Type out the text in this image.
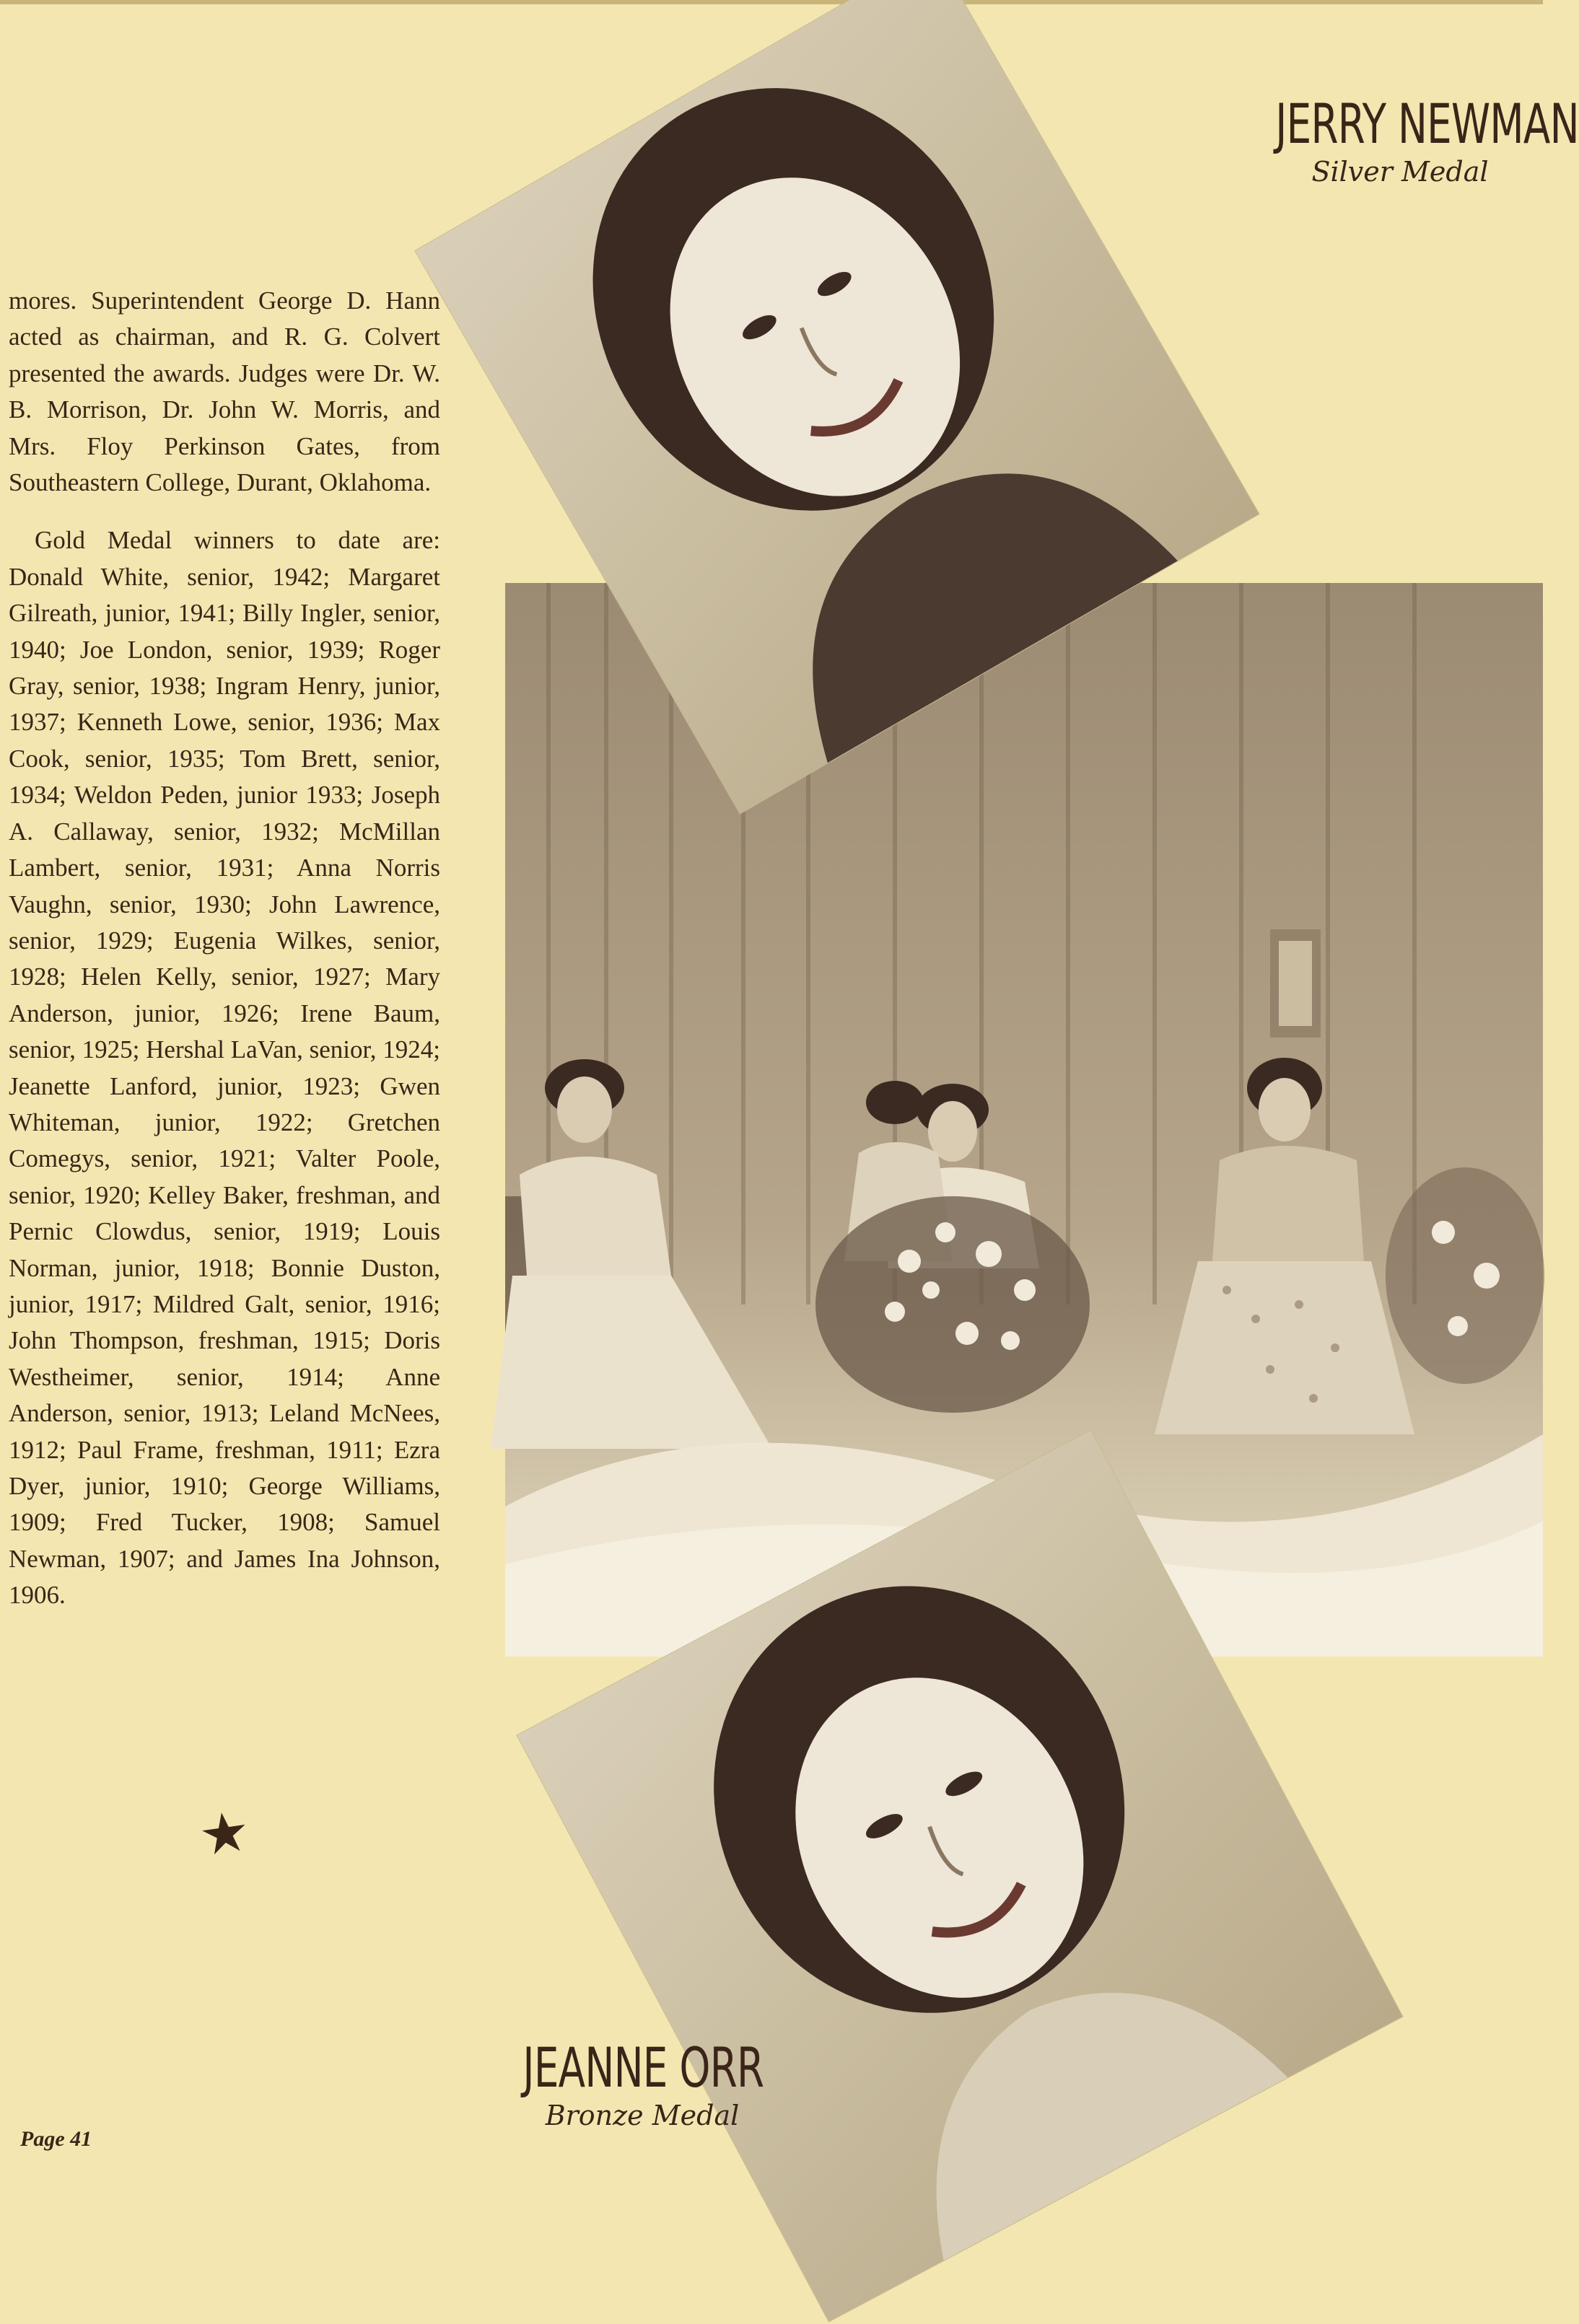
mores. Superintendent George D. Hann acted as chairman, and R. G. Colvert presented the awards. Judges were Dr. W. B. Morrison, Dr. John W. Morris, and Mrs. Floy Perkinson Gates, from Southeastern College, Durant, Oklahoma.

Gold Medal winners to date are: Donald White, senior, 1942; Margaret Gilreath, junior, 1941; Billy Ingler, senior, 1940; Joe London, senior, 1939; Roger Gray, senior, 1938; Ingram Henry, junior, 1937; Kenneth Lowe, senior, 1936; Max Cook, senior, 1935; Tom Brett, senior, 1934; Weldon Peden, junior 1933; Joseph A. Callaway, senior, 1932; McMillan Lambert, senior, 1931; Anna Norris Vaughn, senior, 1930; John Lawrence, senior, 1929; Eugenia Wilkes, senior, 1928; Helen Kelly, senior, 1927; Mary Anderson, junior, 1926; Irene Baum, senior, 1925; Hershal LaVan, senior, 1924; Jeanette Lanford, junior, 1923; Gwen Whiteman, junior, 1922; Gretchen Comegys, senior, 1921; Valter Poole, senior, 1920; Kelley Baker, freshman, and Pernic Clowdus, senior, 1919; Louis Norman, junior, 1918; Bonnie Duston, junior, 1917; Mildred Galt, senior, 1916; John Thompson, freshman, 1915; Doris Westheimer, senior, 1914; Anne Anderson, senior, 1913; Leland McNees, 1912; Paul Frame, freshman, 1911; Ezra Dyer, junior, 1910; George Williams, 1909; Fred Tucker, 1908; Samuel Newman, 1907; and James Ina Johnson, 1906.

JERRY NEWMAN
Silver Medal
JEANNE ORR
Bronze Medal
Page 41
